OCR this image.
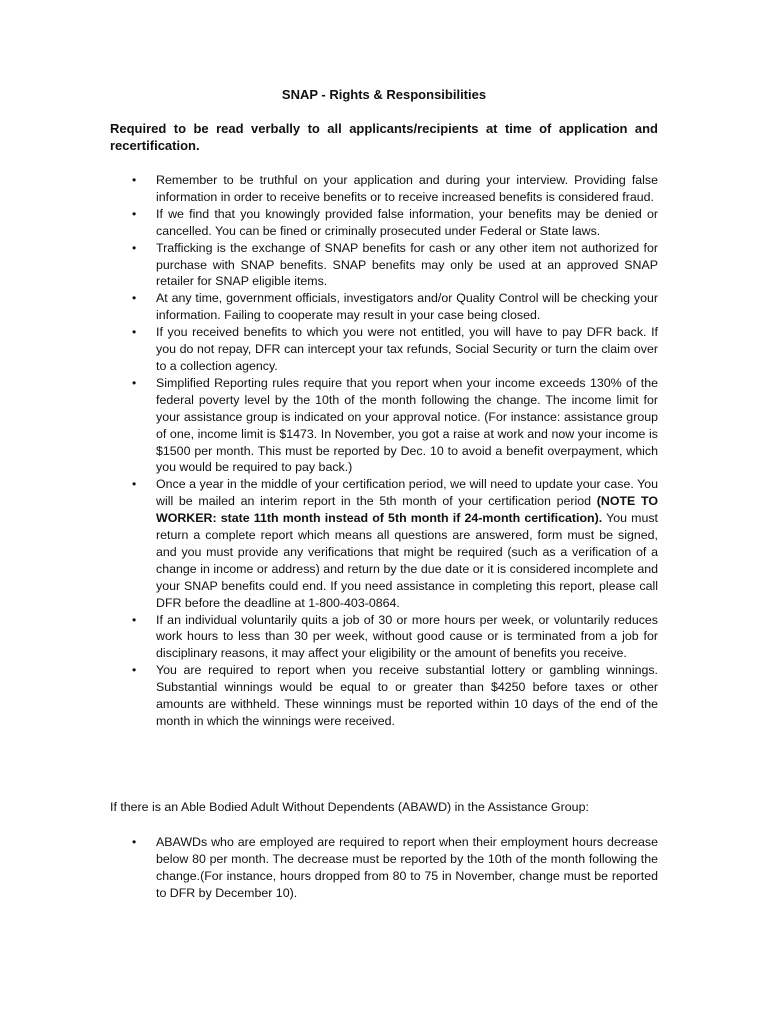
SNAP - Rights & Responsibilities
Required to be read verbally to all applicants/recipients at time of application and recertification.
• Remember to be truthful on your application and during your interview. Providing false information in order to receive benefits or to receive increased benefits is considered fraud.
• If we find that you knowingly provided false information, your benefits may be denied or cancelled. You can be fined or criminally prosecuted under Federal or State laws.
• Trafficking is the exchange of SNAP benefits for cash or any other item not authorized for purchase with SNAP benefits. SNAP benefits may only be used at an approved SNAP retailer for SNAP eligible items.
• At any time, government officials, investigators and/or Quality Control will be checking your information. Failing to cooperate may result in your case being closed.
• If you received benefits to which you were not entitled, you will have to pay DFR back. If you do not repay, DFR can intercept your tax refunds, Social Security or turn the claim over to a collection agency.
• Simplified Reporting rules require that you report when your income exceeds 130% of the federal poverty level by the 10th of the month following the change. The income limit for your assistance group is indicated on your approval notice. (For instance: assistance group of one, income limit is $1473. In November, you got a raise at work and now your income is $1500 per month. This must be reported by Dec. 10 to avoid a benefit overpayment, which you would be required to pay back.)
• Once a year in the middle of your certification period, we will need to update your case. You will be mailed an interim report in the 5th month of your certification period (NOTE TO WORKER: state 11th month instead of 5th month if 24-month certification). You must return a complete report which means all questions are answered, form must be signed, and you must provide any verifications that might be required (such as a verification of a change in income or address) and return by the due date or it is considered incomplete and your SNAP benefits could end. If you need assistance in completing this report, please call DFR before the deadline at 1-800-403-0864.
• If an individual voluntarily quits a job of 30 or more hours per week, or voluntarily reduces work hours to less than 30 per week, without good cause or is terminated from a job for disciplinary reasons, it may affect your eligibility or the amount of benefits you receive.
• You are required to report when you receive substantial lottery or gambling winnings. Substantial winnings would be equal to or greater than $4250 before taxes or other amounts are withheld. These winnings must be reported within 10 days of the end of the month in which the winnings were received.
If there is an Able Bodied Adult Without Dependents (ABAWD) in the Assistance Group:
• ABAWDs who are employed are required to report when their employment hours decrease below 80 per month. The decrease must be reported by the 10th of the month following the change.(For instance, hours dropped from 80 to 75 in November, change must be reported to DFR by December 10).
